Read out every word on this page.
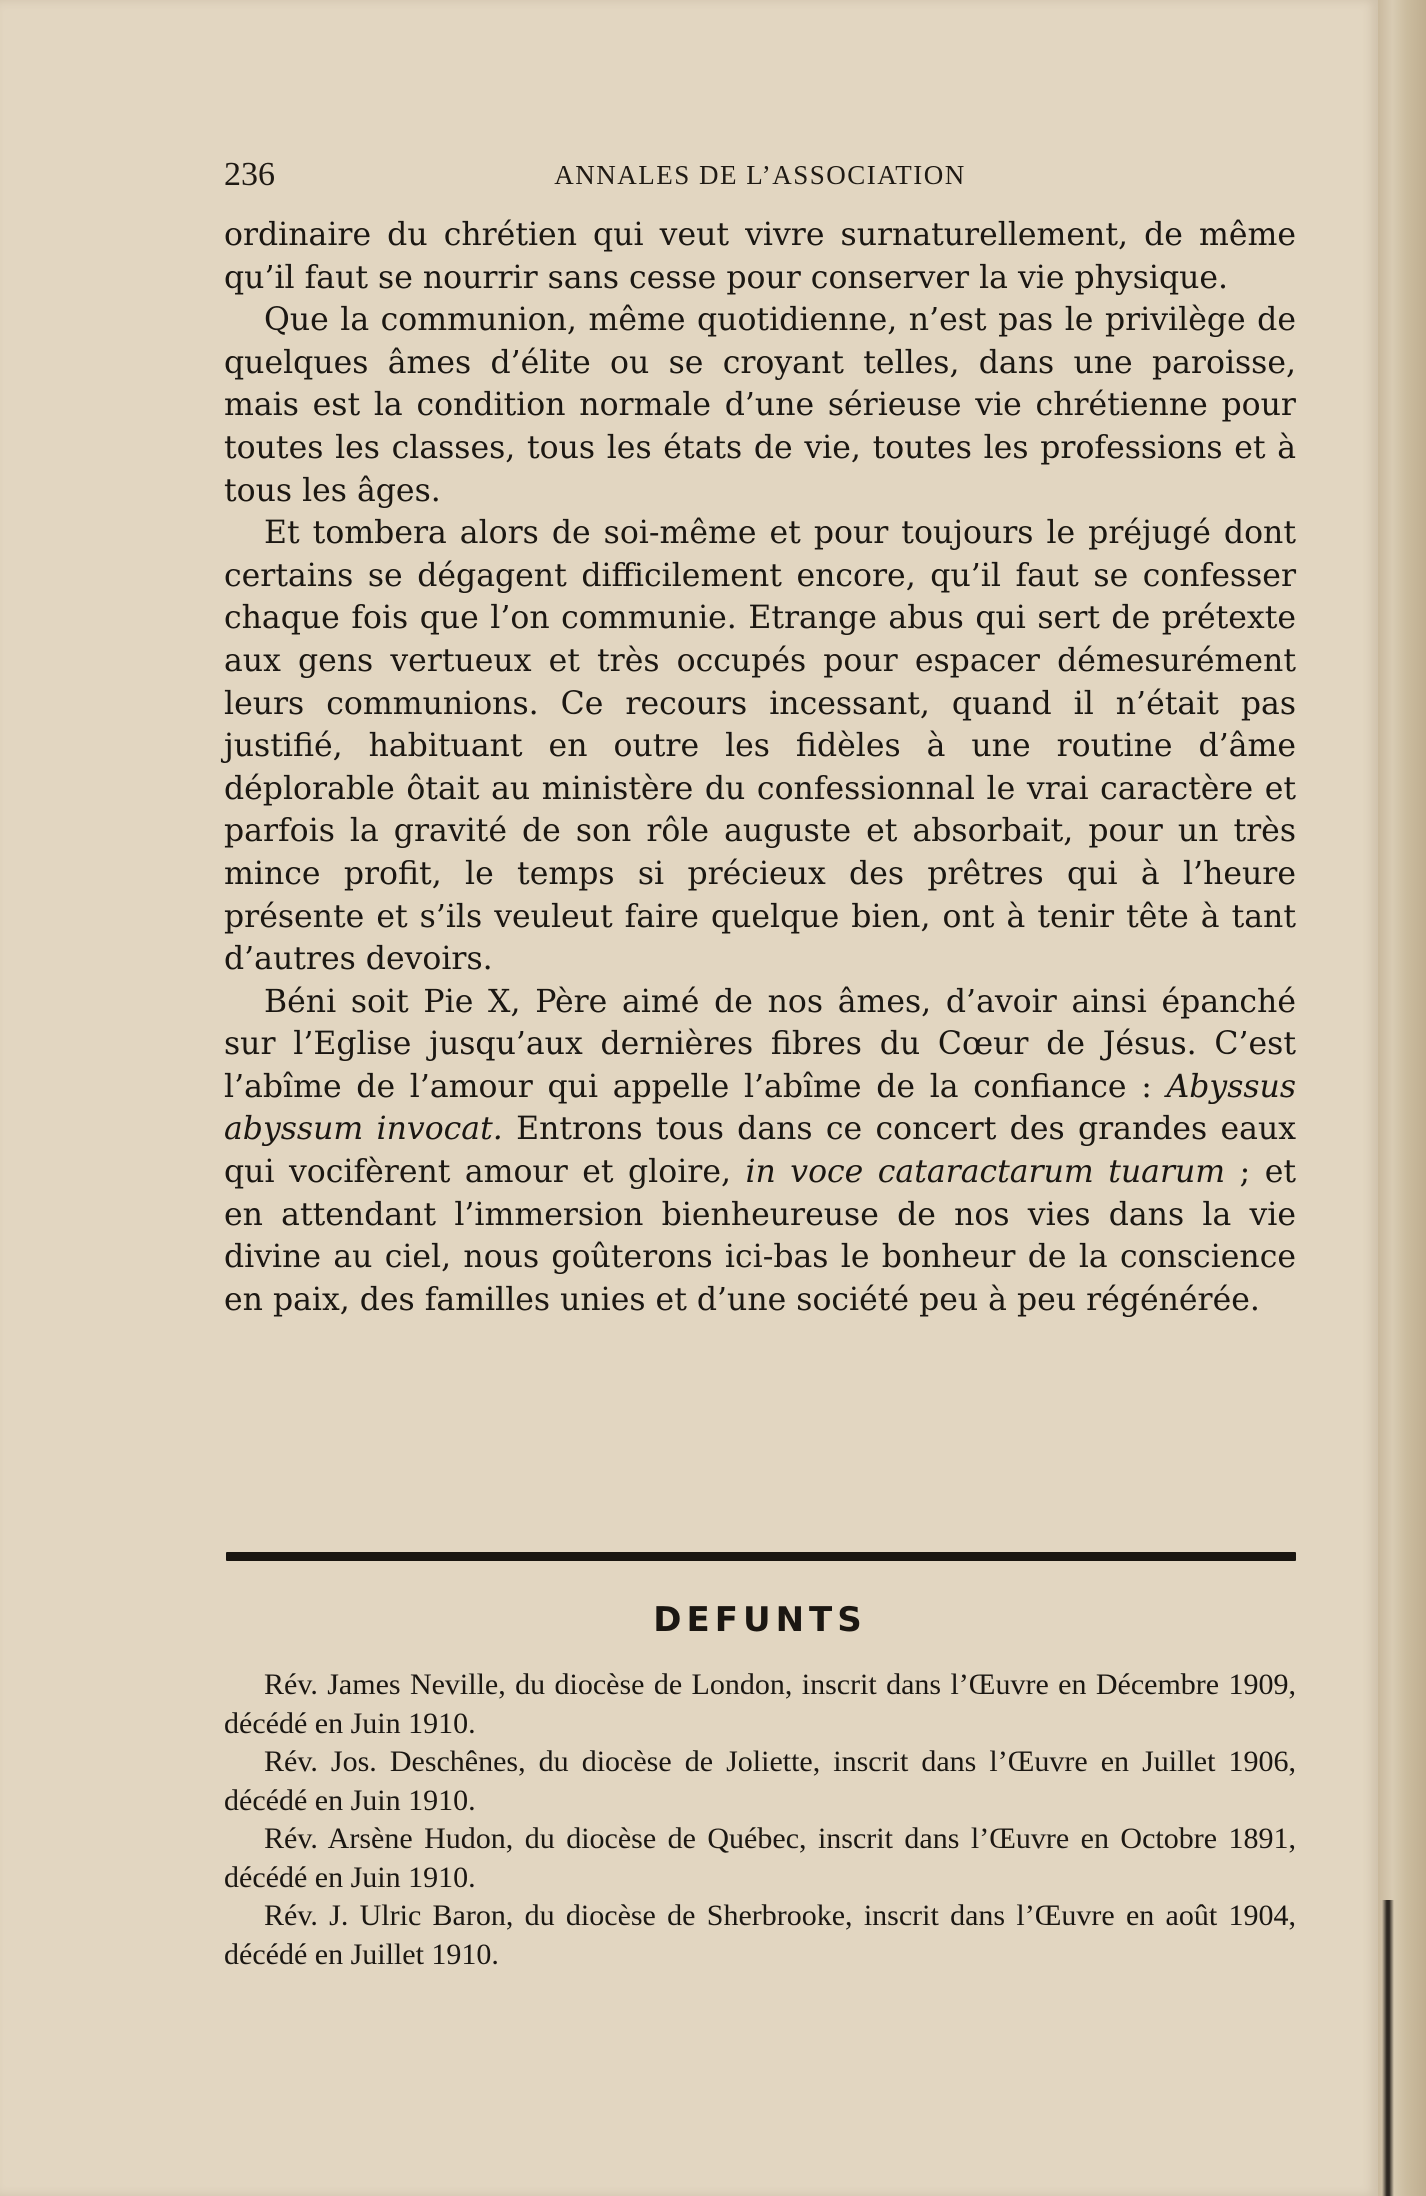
236	ANNALES DE L’ASSOCIATION

ordinaire du chrétien qui veut vivre surnaturellement, de même qu’il faut se nourrir sans cesse pour conserver la vie physique.

Que la communion, même quotidienne, n’est pas le privilège de quelques âmes d’élite ou se croyant telles, dans une paroisse, mais est la condition normale d’une sérieuse vie chrétienne pour toutes les classes, tous les états de vie, toutes les professions et à tous les âges.

Et tombera alors de soi-même et pour toujours le préjugé dont certains se dégagent difficilement encore, qu’il faut se confesser chaque fois que l’on communie. Etrange abus qui sert de prétexte aux gens vertueux et très occupés pour espacer démesurément leurs communions. Ce recours incessant, quand il n’était pas justifié, habituant en outre les fidèles à une routine d’âme déplorable ôtait au ministère du confessionnal le vrai caractère et parfois la gravité de son rôle auguste et absorbait, pour un très mince profit, le temps si précieux des prêtres qui à l’heure présente et s’ils veuleut faire quelque bien, ont à tenir tête à tant d’autres devoirs.

Béni soit Pie X, Père aimé de nos âmes, d’avoir ainsi épanché sur l’Eglise jusqu’aux dernières fibres du Cœur de Jésus. C’est l’abîme de l’amour qui appelle l’abîme de la confiance : Abyssus abyssum invocat. Entrons tous dans ce concert des grandes eaux qui vocifèrent amour et gloire, in voce cataractarum tuarum ; et en attendant l’immersion bienheureuse de nos vies dans la vie divine au ciel, nous goûterons ici-bas le bonheur de la conscience en paix, des familles unies et d’une société peu à peu régénérée.

DEFUNTS

Rév. James Neville, du diocèse de London, inscrit dans l’Œuvre en Décembre 1909, décédé en Juin 1910.

Rév. Jos. Deschênes, du diocèse de Joliette, inscrit dans l’Œuvre en Juillet 1906, décédé en Juin 1910.

Rév. Arsène Hudon, du diocèse de Québec, inscrit dans l’Œuvre en Octobre 1891, décédé en Juin 1910.

Rév. J. Ulric Baron, du diocèse de Sherbrooke, inscrit dans l’Œuvre en août 1904, décédé en Juillet 1910.
